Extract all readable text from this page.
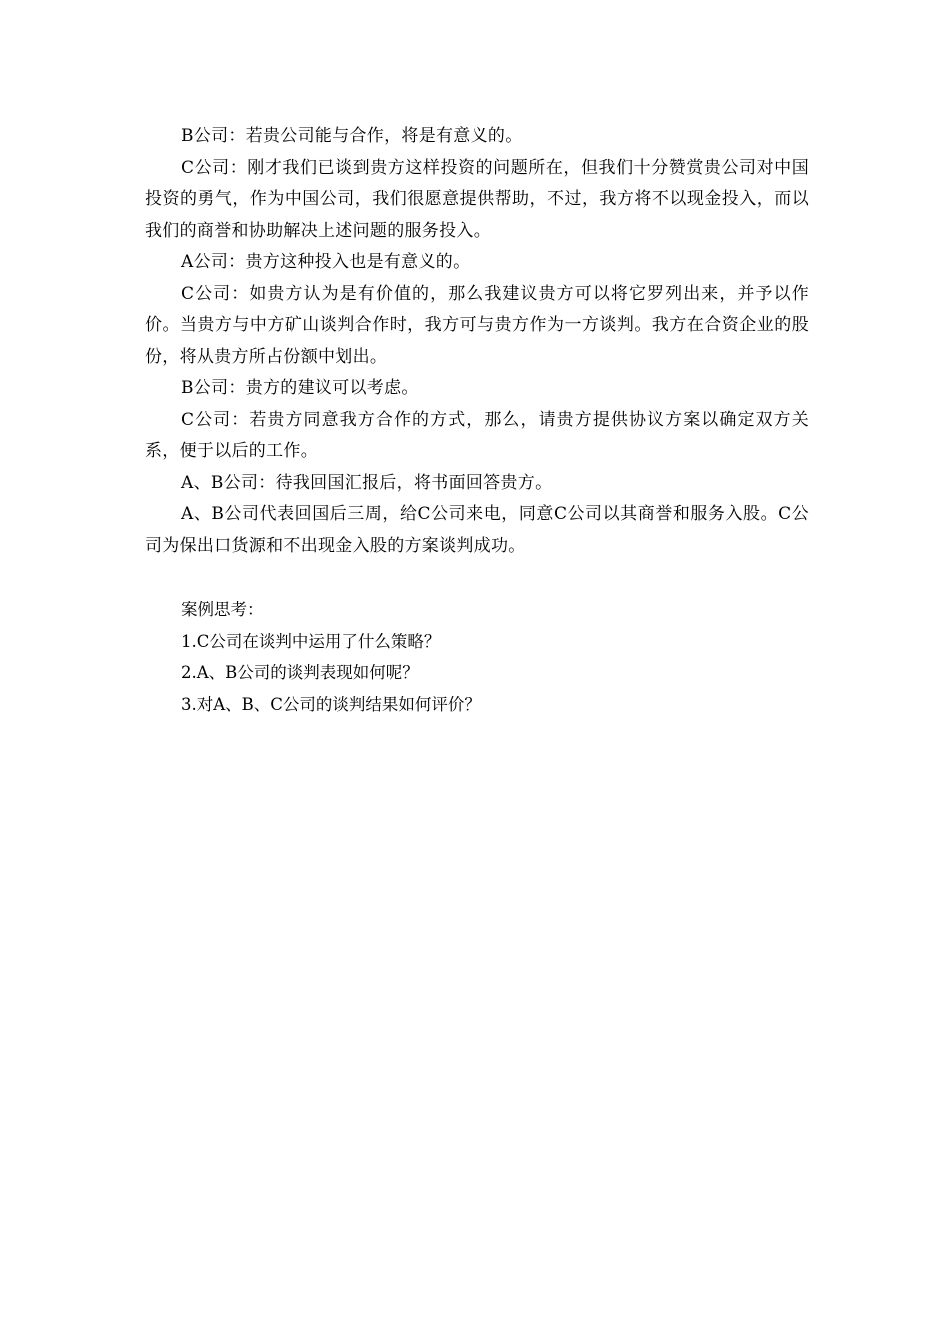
B公司：若贵公司能与合作，将是有意义的。

C公司：刚才我们已谈到贵方这样投资的问题所在，但我们十分赞赏贵公司对中国投资的勇气，作为中国公司，我们很愿意提供帮助，不过，我方将不以现金投入，而以我们的商誉和协助解决上述问题的服务投入。

A公司：贵方这种投入也是有意义的。

C公司：如贵方认为是有价值的，那么我建议贵方可以将它罗列出来，并予以作价。当贵方与中方矿山谈判合作时，我方可与贵方作为一方谈判。我方在合资企业的股份，将从贵方所占份额中划出。

B公司：贵方的建议可以考虑。

C公司：若贵方同意我方合作的方式，那么，请贵方提供协议方案以确定双方关系，便于以后的工作。

A、B公司：待我回国汇报后，将书面回答贵方。

A、B公司代表回国后三周，给C公司来电，同意C公司以其商誉和服务入股。C公司为保出口货源和不出现金入股的方案谈判成功。

案例思考：

1.C公司在谈判中运用了什么策略？

2.A、B公司的谈判表现如何呢？

3.对A、B、C公司的谈判结果如何评价？
